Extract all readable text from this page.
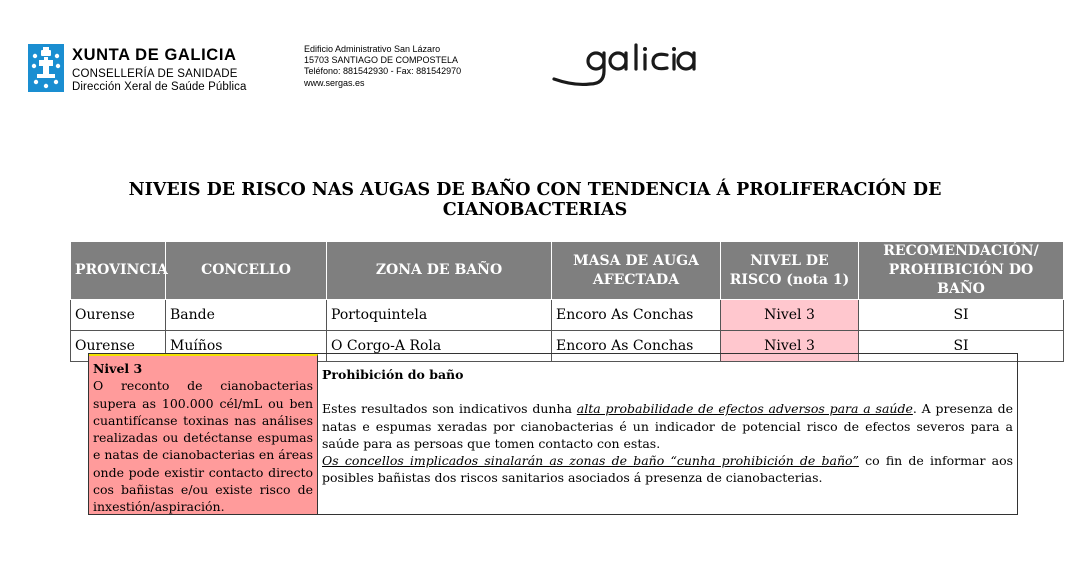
XUNTA DE GALICIA
CONSELLERÍA DE SANIDADE
Dirección Xeral de Saúde Pública
Edificio Administrativo San Lázaro
15703 SANTIAGO DE COMPOSTELA
Teléfono: 881542930 - Fax: 881542970
www.sergas.es
NIVEIS DE RISCO NAS AUGAS DE BAÑO CON TENDENCIA Á PROLIFERACIÓN DE CIANOBACTERIAS
PROVINCIA	CONCELLO	ZONA DE BAÑO	MASA DE AUGA AFECTADA	NIVEL DE RISCO (nota 1)	RECOMENDACIÓN/ PROHIBICIÓN DO BAÑO
Ourense	Bande	Portoquintela	Encoro As Conchas	Nivel 3	SI
Ourense	Muíños	O Corgo-A Rola	Encoro As Conchas	Nivel 3	SI
Nivel 3
O reconto de cianobacterias supera as 100.000 cél/mL ou ben cuantifícanse toxinas nas análises realizadas ou detéctanse espumas e natas de cianobacterias en áreas onde pode existir contacto directo cos bañistas e/ou existe risco de inxestión/aspiración.
Prohibición do baño

Estes resultados son indicativos dunha alta probabilidade de efectos adversos para a saúde. A presenza de natas e espumas xeradas por cianobacterias é un indicador de potencial risco de efectos severos para a saúde para as persoas que tomen contacto con estas.

Os concellos implicados sinalarán as zonas de baño “cunha prohibición de baño” co fin de informar aos posibles bañistas dos riscos sanitarios asociados á presenza de cianobacterias.
